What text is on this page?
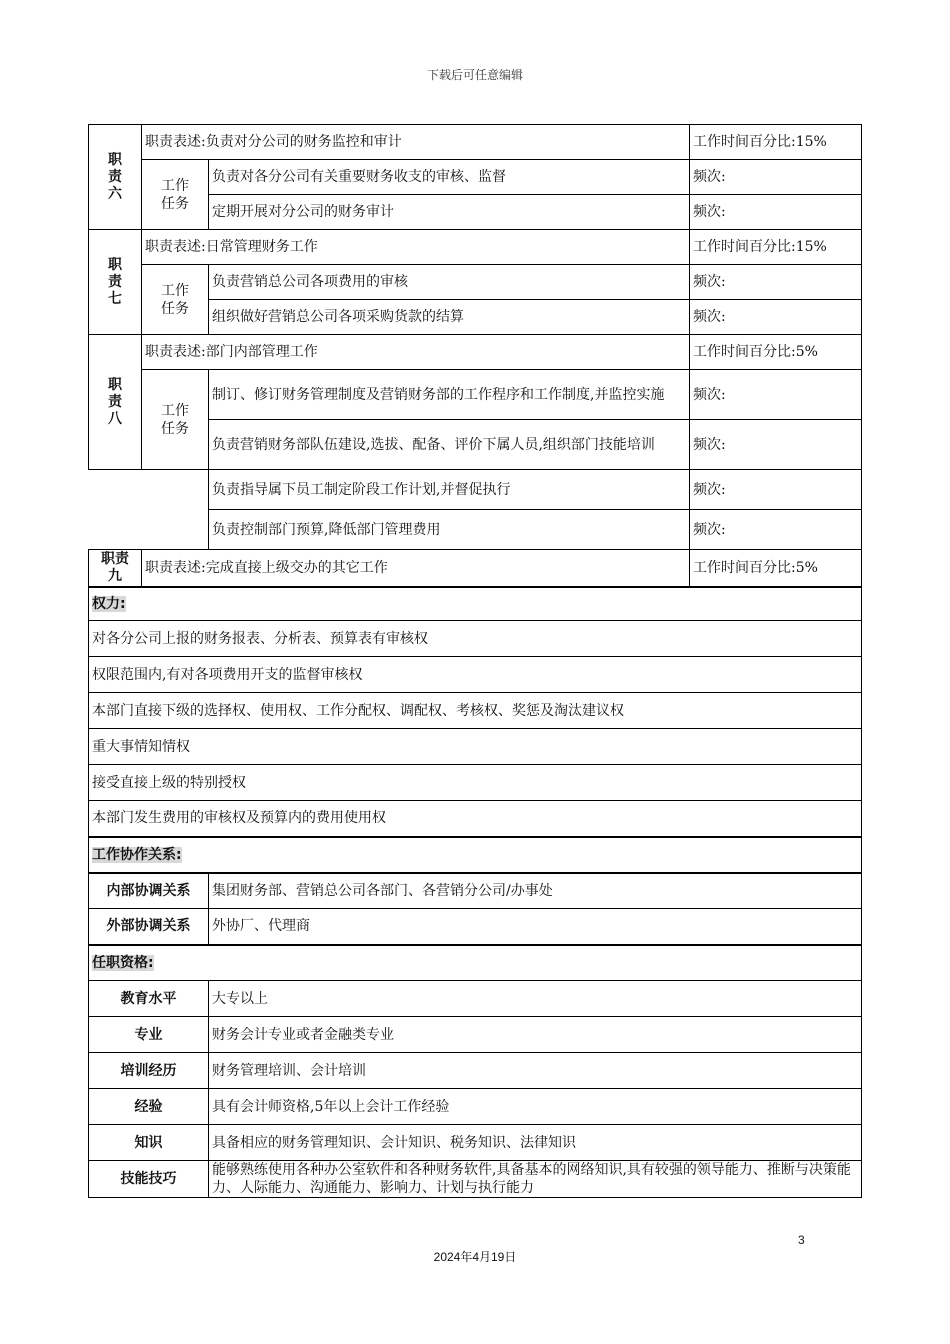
下载后可任意编辑
职
责
六	职责表述:负责对分公司的财务监控和审计		工作时间百分比:15%
	工作
任务	负责对各分公司有关重要财务收支的审核、监督	频次:
		定期开展对分公司的财务审计	频次:
职
责
七	职责表述:日常管理财务工作		工作时间百分比:15%
	工作
任务	负责营销总公司各项费用的审核	频次:
		组织做好营销总公司各项采购货款的结算	频次:
职
责
八	职责表述:部门内部管理工作		工作时间百分比:5%
	工作
任务	制订、修订财务管理制度及营销财务部的工作程序和工作制度,并监控实施	频次:
		负责营销财务部队伍建设,选拔、配备、评价下属人员,组织部门技能培训	频次:
		负责指导属下员工制定阶段工作计划,并督促执行	频次:
		负责控制部门预算,降低部门管理费用	频次:
职责
九	职责表述:完成直接上级交办的其它工作		工作时间百分比:5%
权力:			
对各分公司上报的财务报表、分析表、预算表有审核权			
权限范围内,有对各项费用开支的监督审核权			
本部门直接下级的选择权、使用权、工作分配权、调配权、考核权、奖惩及淘汰建议权			
重大事情知情权			
接受直接上级的特别授权			
本部门发生费用的审核权及预算内的费用使用权			
工作协作关系:			
内部协调关系		集团财务部、营销总公司各部门、各营销分公司/办事处	
外部协调关系		外协厂、代理商	
任职资格:			
教育水平		大专以上	
专业		财务会计专业或者金融类专业	
培训经历		财务管理培训、会计培训	
经验		具有会计师资格,5年以上会计工作经验	
知识		具备相应的财务管理知识、会计知识、税务知识、法律知识	
技能技巧		能够熟练使用各种办公室软件和各种财务软件,具备基本的网络知识,具有较强的领导能力、推断与决策能力、人际能力、沟通能力、影响力、计划与执行能力	
3
2024年4月19日
